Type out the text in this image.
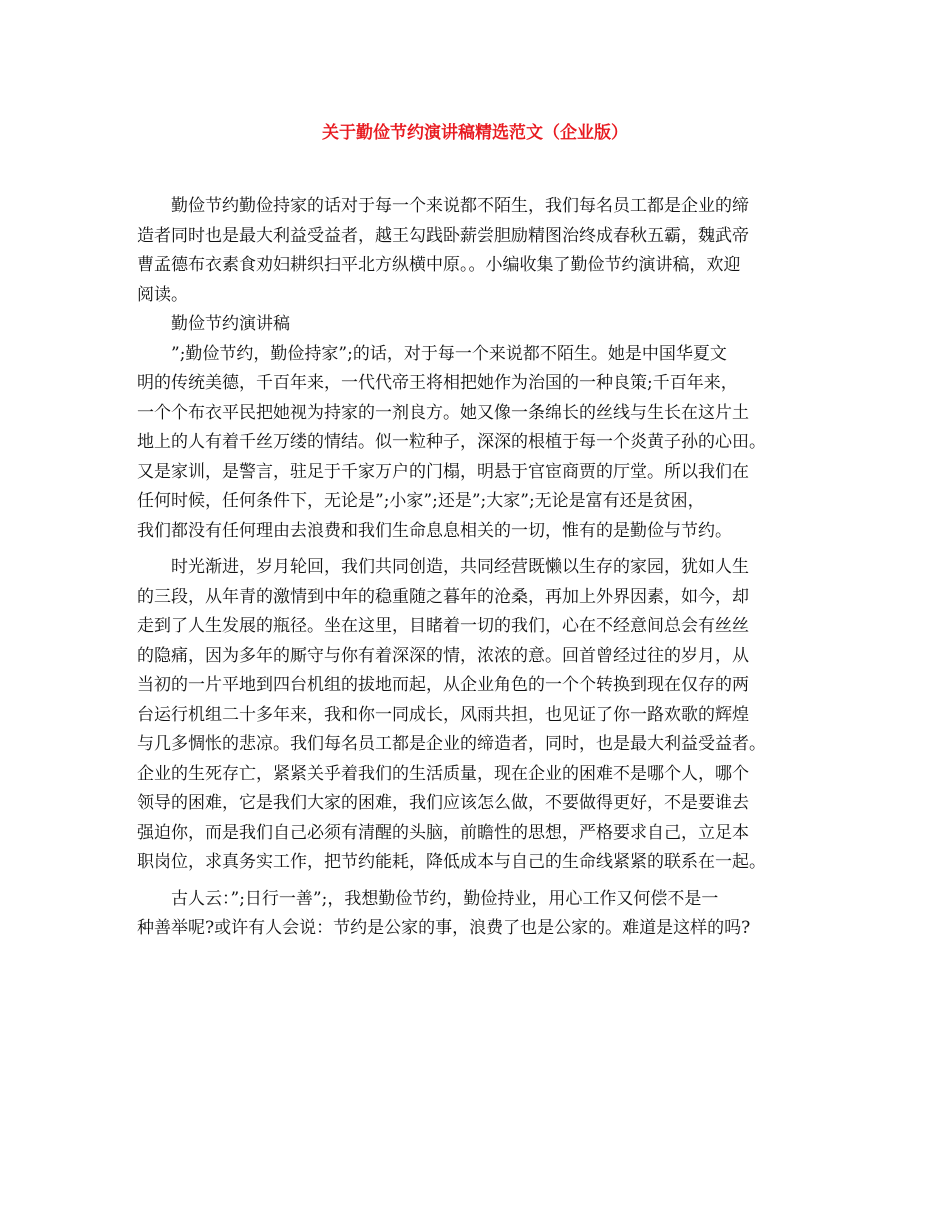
关于勤俭节约演讲稿精选范文（企业版）
勤俭节约勤俭持家的话对于每一个来说都不陌生，我们每名员工都是企业的缔
造者同时也是最大利益受益者，越王勾践卧薪尝胆励精图治终成春秋五霸，魏武帝
曹孟德布衣素食劝妇耕织扫平北方纵横中原。。小编收集了勤俭节约演讲稿，欢迎
阅读。
勤俭节约演讲稿
”;勤俭节约，勤俭持家”;的话，对于每一个来说都不陌生。她是中国华夏文
明的传统美德，千百年来，一代代帝王将相把她作为治国的一种良策;千百年来，
一个个布衣平民把她视为持家的一剂良方。她又像一条绵长的丝线与生长在这片土
地上的人有着千丝万缕的情结。似一粒种子，深深的根植于每一个炎黄子孙的心田。
又是家训，是警言，驻足于千家万户的门榻，明悬于官宦商贾的厅堂。所以我们在
任何时候，任何条件下，无论是”;小家”;还是”;大家”;无论是富有还是贫困，
我们都没有任何理由去浪费和我们生命息息相关的一切，惟有的是勤俭与节约。
时光渐进，岁月轮回，我们共同创造，共同经营既懒以生存的家园，犹如人生
的三段，从年青的激情到中年的稳重随之暮年的沧桑，再加上外界因素，如今，却
走到了人生发展的瓶径。坐在这里，目睹着一切的我们，心在不经意间总会有丝丝
的隐痛，因为多年的厮守与你有着深深的情，浓浓的意。回首曾经过往的岁月，从
当初的一片平地到四台机组的拔地而起，从企业角色的一个个转换到现在仅存的两
台运行机组二十多年来，我和你一同成长，风雨共担，也见证了你一路欢歌的辉煌
与几多惆怅的悲凉。我们每名员工都是企业的缔造者，同时，也是最大利益受益者。
企业的生死存亡，紧紧关乎着我们的生活质量，现在企业的困难不是哪个人，哪个
领导的困难，它是我们大家的困难，我们应该怎么做，不要做得更好，不是要谁去
强迫你，而是我们自己必须有清醒的头脑，前瞻性的思想，严格要求自己，立足本
职岗位，求真务实工作，把节约能耗，降低成本与自己的生命线紧紧的联系在一起。
古人云：”;日行一善”;，我想勤俭节约，勤俭持业，用心工作又何偿不是一
种善举呢?或许有人会说：节约是公家的事，浪费了也是公家的。难道是这样的吗?
